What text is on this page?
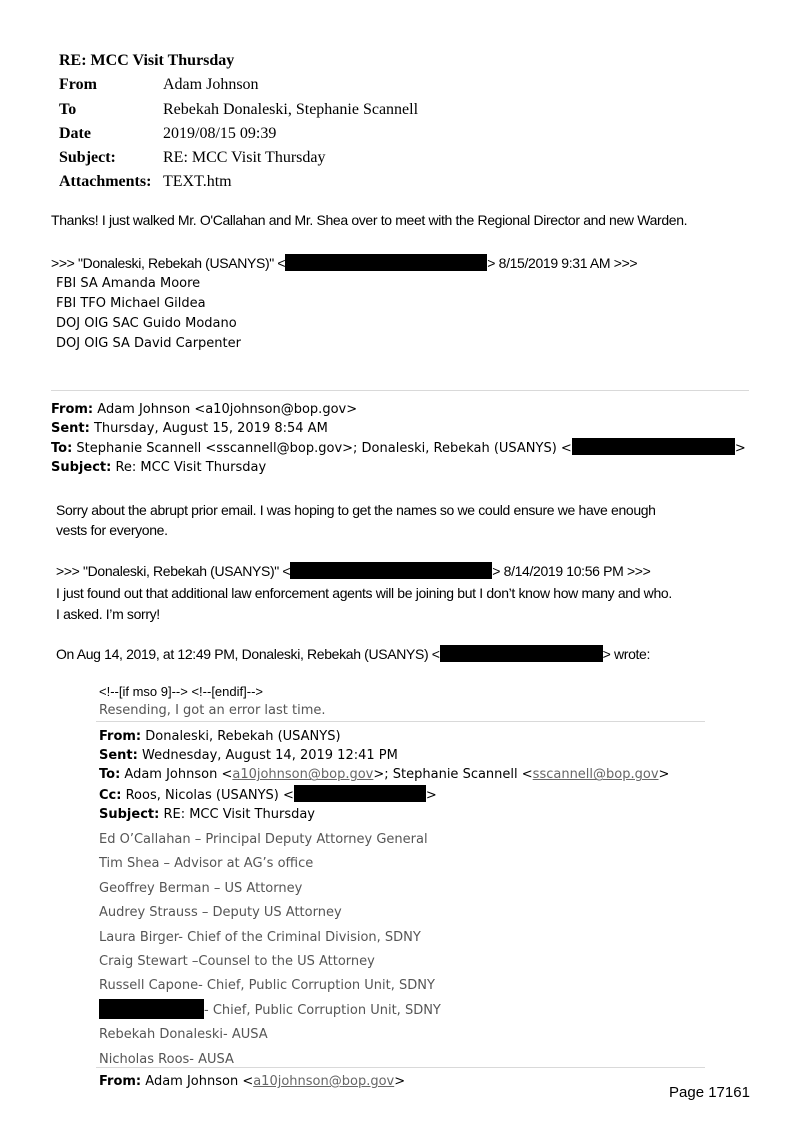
RE: MCC Visit Thursday
From	Adam Johnson
To	Rebekah Donaleski, Stephanie Scannell
Date	2019/08/15 09:39
Subject:	RE: MCC Visit Thursday
Attachments: TEXT.htm
Thanks! I just walked Mr. O'Callahan and Mr. Shea over to meet with the Regional Director and new Warden.
>>> "Donaleski, Rebekah (USANYS)" <	> 8/15/2019 9:31 AM >>>
FBI SA Amanda Moore
FBI TFO Michael Gildea
DOJ OIG SAC Guido Modano
DOJ OIG SA David Carpenter
From: Adam Johnson <a10johnson@bop.gov>
Sent: Thursday, August 15, 2019 8:54 AM
To: Stephanie Scannell <sscannell@bop.gov>; Donaleski, Rebekah (USANYS) <	>
Subject: Re: MCC Visit Thursday
Sorry about the abrupt prior email. I was hoping to get the names so we could ensure we have enough
vests for everyone.
>>> "Donaleski, Rebekah (USANYS)" <	> 8/14/2019 10:56 PM >>>
I just found out that additional law enforcement agents will be joining but I don’t know how many and who.
I asked. I’m sorry!
On Aug 14, 2019, at 12:49 PM, Donaleski, Rebekah (USANYS) <	> wrote:
<!--[if mso 9]--> <!--[endif]-->
Resending, I got an error last time.
From: Donaleski, Rebekah (USANYS)
Sent: Wednesday, August 14, 2019 12:41 PM
To: Adam Johnson <a10johnson@bop.gov>; Stephanie Scannell <sscannell@bop.gov>
Cc: Roos, Nicolas (USANYS) <	>
Subject: RE: MCC Visit Thursday
Ed O’Callahan – Principal Deputy Attorney General
Tim Shea – Advisor at AG’s office
Geoffrey Berman – US Attorney
Audrey Strauss – Deputy US Attorney
Laura Birger- Chief of the Criminal Division, SDNY
Craig Stewart –Counsel to the US Attorney
Russell Capone- Chief, Public Corruption Unit, SDNY
- Chief, Public Corruption Unit, SDNY
Rebekah Donaleski- AUSA
Nicholas Roos- AUSA
From: Adam Johnson <a10johnson@bop.gov>
Page 17161
